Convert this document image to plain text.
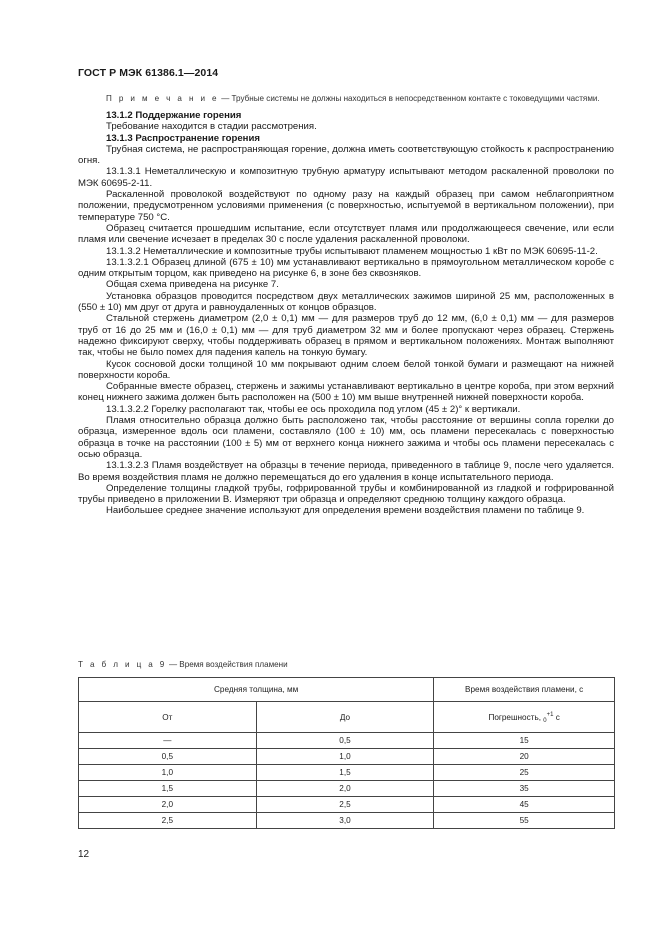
ГОСТ Р МЭК 61386.1—2014
П р и м е ч а н и е — Трубные системы не должны находиться в непосредственном контакте с токоведущими частями.
13.1.2 Поддержание горения

Требование находится в стадии рассмотрения.

13.1.3 Распространение горения

Трубная система, не распространяющая горение, должна иметь соответствующую стойкость к распространению огня.

13.1.3.1 Неметаллическую и композитную трубную арматуру испытывают методом раскаленной проволоки по МЭК 60695-2-11.

Раскаленной проволокой воздействуют по одному разу на каждый образец при самом неблагоприятном положении, предусмотренном условиями применения (с поверхностью, испытуемой в вертикальном положении), при температуре 750 °С.

Образец считается прошедшим испытание, если отсутствует пламя или продолжающееся свечение, или если пламя или свечение исчезает в пределах 30 с после удаления раскаленной проволоки.

13.1.3.2 Неметаллические и композитные трубы испытывают пламенем мощностью 1 кВт по МЭК 60695-11-2.

13.1.3.2.1 Образец длиной (675 ± 10) мм устанавливают вертикально в прямоугольном металлическом коробе с одним открытым торцом, как приведено на рисунке 6, в зоне без сквозняков.

Общая схема приведена на рисунке 7.

Установка образцов проводится посредством двух металлических зажимов шириной 25 мм, расположенных в (550 ± 10) мм друг от друга и равноудаленных от концов образцов.

Стальной стержень диаметром (2,0 ± 0,1) мм — для размеров труб до 12 мм, (6,0 ± 0,1) мм — для размеров труб от 16 до 25 мм и (16,0 ± 0,1) мм — для труб диаметром 32 мм и более пропускают через образец. Стержень надежно фиксируют сверху, чтобы поддерживать образец в прямом и вертикальном положениях. Монтаж выполняют так, чтобы не было помех для падения капель на тонкую бумагу.

Кусок сосновой доски толщиной 10 мм покрывают одним слоем белой тонкой бумаги и размещают на нижней поверхности короба.

Собранные вместе образец, стержень и зажимы устанавливают вертикально в центре короба, при этом верхний конец нижнего зажима должен быть расположен на (500 ± 10) мм выше внутренней нижней поверхности короба.

13.1.3.2.2 Горелку располагают так, чтобы ее ось проходила под углом (45 ± 2)° к вертикали.

Пламя относительно образца должно быть расположено так, чтобы расстояние от вершины сопла горелки до образца, измеренное вдоль оси пламени, составляло (100 ± 10) мм, ось пламени пересекалась с поверхностью образца в точке на расстоянии (100 ± 5) мм от верхнего конца нижнего зажима и чтобы ось пламени пересекалась с осью образца.

13.1.3.2.3 Пламя воздействует на образцы в течение периода, приведенного в таблице 9, после чего удаляется. Во время воздействия пламя не должно перемещаться до его удаления в конце испытательного периода.

Определение толщины гладкой трубы, гофрированной трубы и комбинированной из гладкой и гофрированной трубы приведено в приложении В. Измеряют три образца и определяют среднюю толщину каждого образца.

Наибольшее среднее значение используют для определения времени воздействия пламени по таблице 9.

Т а б л и ц а 9 — Время воздействия пламени
Средняя толщина, мм		Время воздействия пламени, с
От	До	Погрешность, $_0^{+1}$ с
—	0,5	15
0,5	1,0	20
1,0	1,5	25
1,5	2,0	35
2,0	2,5	45
2,5	3,0	55
12
